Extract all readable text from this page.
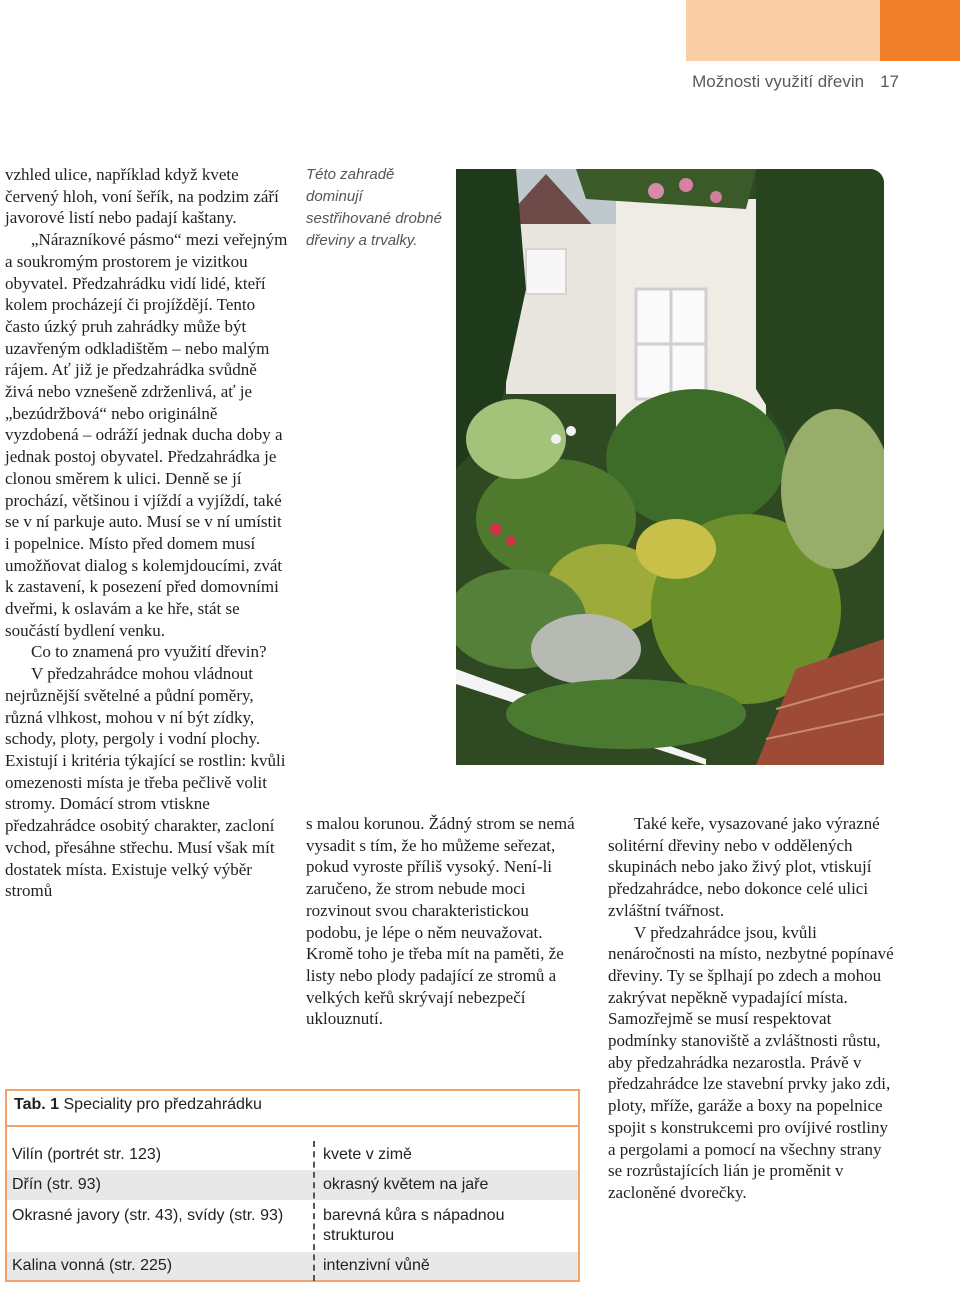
Možnosti využití dřevin 17

vzhled ulice, například když kvete červený hloh, voní šeřík, na podzim září javorové listí nebo padají kaštany.

„Nárazníkové pásmo“ mezi veřejným a soukromým prostorem je vizitkou obyvatel. Předzahrádku vidí lidé, kteří kolem procházejí či projíždějí. Tento často úzký pruh zahrádky může být uzavřeným odkladištěm – nebo malým rájem. Ať již je předzahrádka svůdně živá nebo vznešeně zdrženlivá, ať je „bezúdržbová“ nebo originálně vyzdobená – odráží jednak ducha doby a jednak postoj obyvatel. Předzahrádka je clonou směrem k ulici. Denně se jí prochází, většinou i vjíždí a vyjíždí, také se v ní parkuje auto. Musí se v ní umístit i popelnice. Místo před domem musí umožňovat dialog s kolemjdoucími, zvát k zastavení, k posezení před domovními dveřmi, k oslavám a ke hře, stát se součástí bydlení venku.

Co to znamená pro využití dřevin?

V předzahrádce mohou vládnout nejrůznější světelné a půdní poměry, různá vlhkost, mohou v ní být zídky, schody, ploty, pergoly i vodní plochy. Existují i kritéria týkající se rostlin: kvůli omezenosti místa je třeba pečlivě volit stromy. Domácí strom vtiskne předzahrádce osobitý charakter, zacloní vchod, přesáhne střechu. Musí však mít dostatek místa. Existuje velký výběr stromů

Této zahradě dominují sestřihované drobné dřeviny a trvalky.

s malou korunou. Žádný strom se nemá vysadit s tím, že ho můžeme seřezat, pokud vyroste příliš vysoký. Není-li zaručeno, že strom nebude moci rozvinout svou charakteristickou podobu, je lépe o něm neuvažovat. Kromě toho je třeba mít na paměti, že listy nebo plody padající ze stromů a velkých keřů skrývají nebezpečí uklouznutí.

Také keře, vysazované jako výrazné solitérní dřeviny nebo v oddělených skupinách nebo jako živý plot, vtiskují předzahrádce, nebo dokonce celé ulici zvláštní tvářnost.

V předzahrádce jsou, kvůli nenáročnosti na místo, nezbytné popínavé dřeviny. Ty se šplhají po zdech a mohou zakrývat nepěkně vypadající místa. Samozřejmě se musí respektovat podmínky stanoviště a zvláštnosti růstu, aby předzahrádka nezarostla. Právě v předzahrádce lze stavební prvky jako zdi, ploty, mříže, garáže a boxy na popelnice spojit s konstrukcemi pro ovíjivé rostliny a pergolami a pomocí na všechny strany se rozrůstajících lián je proměnit v zacloněné dvorečky.

Tab. 1 Speciality pro předzahrádku
Vilín (portrét str. 123)	kvete v zimě
Dřín (str. 93)	okrasný květem na jaře
Okrasné javory (str. 43), svídy (str. 93)	barevná kůra s nápadnou strukturou
Kalina vonná (str. 225)	intenzivní vůně
